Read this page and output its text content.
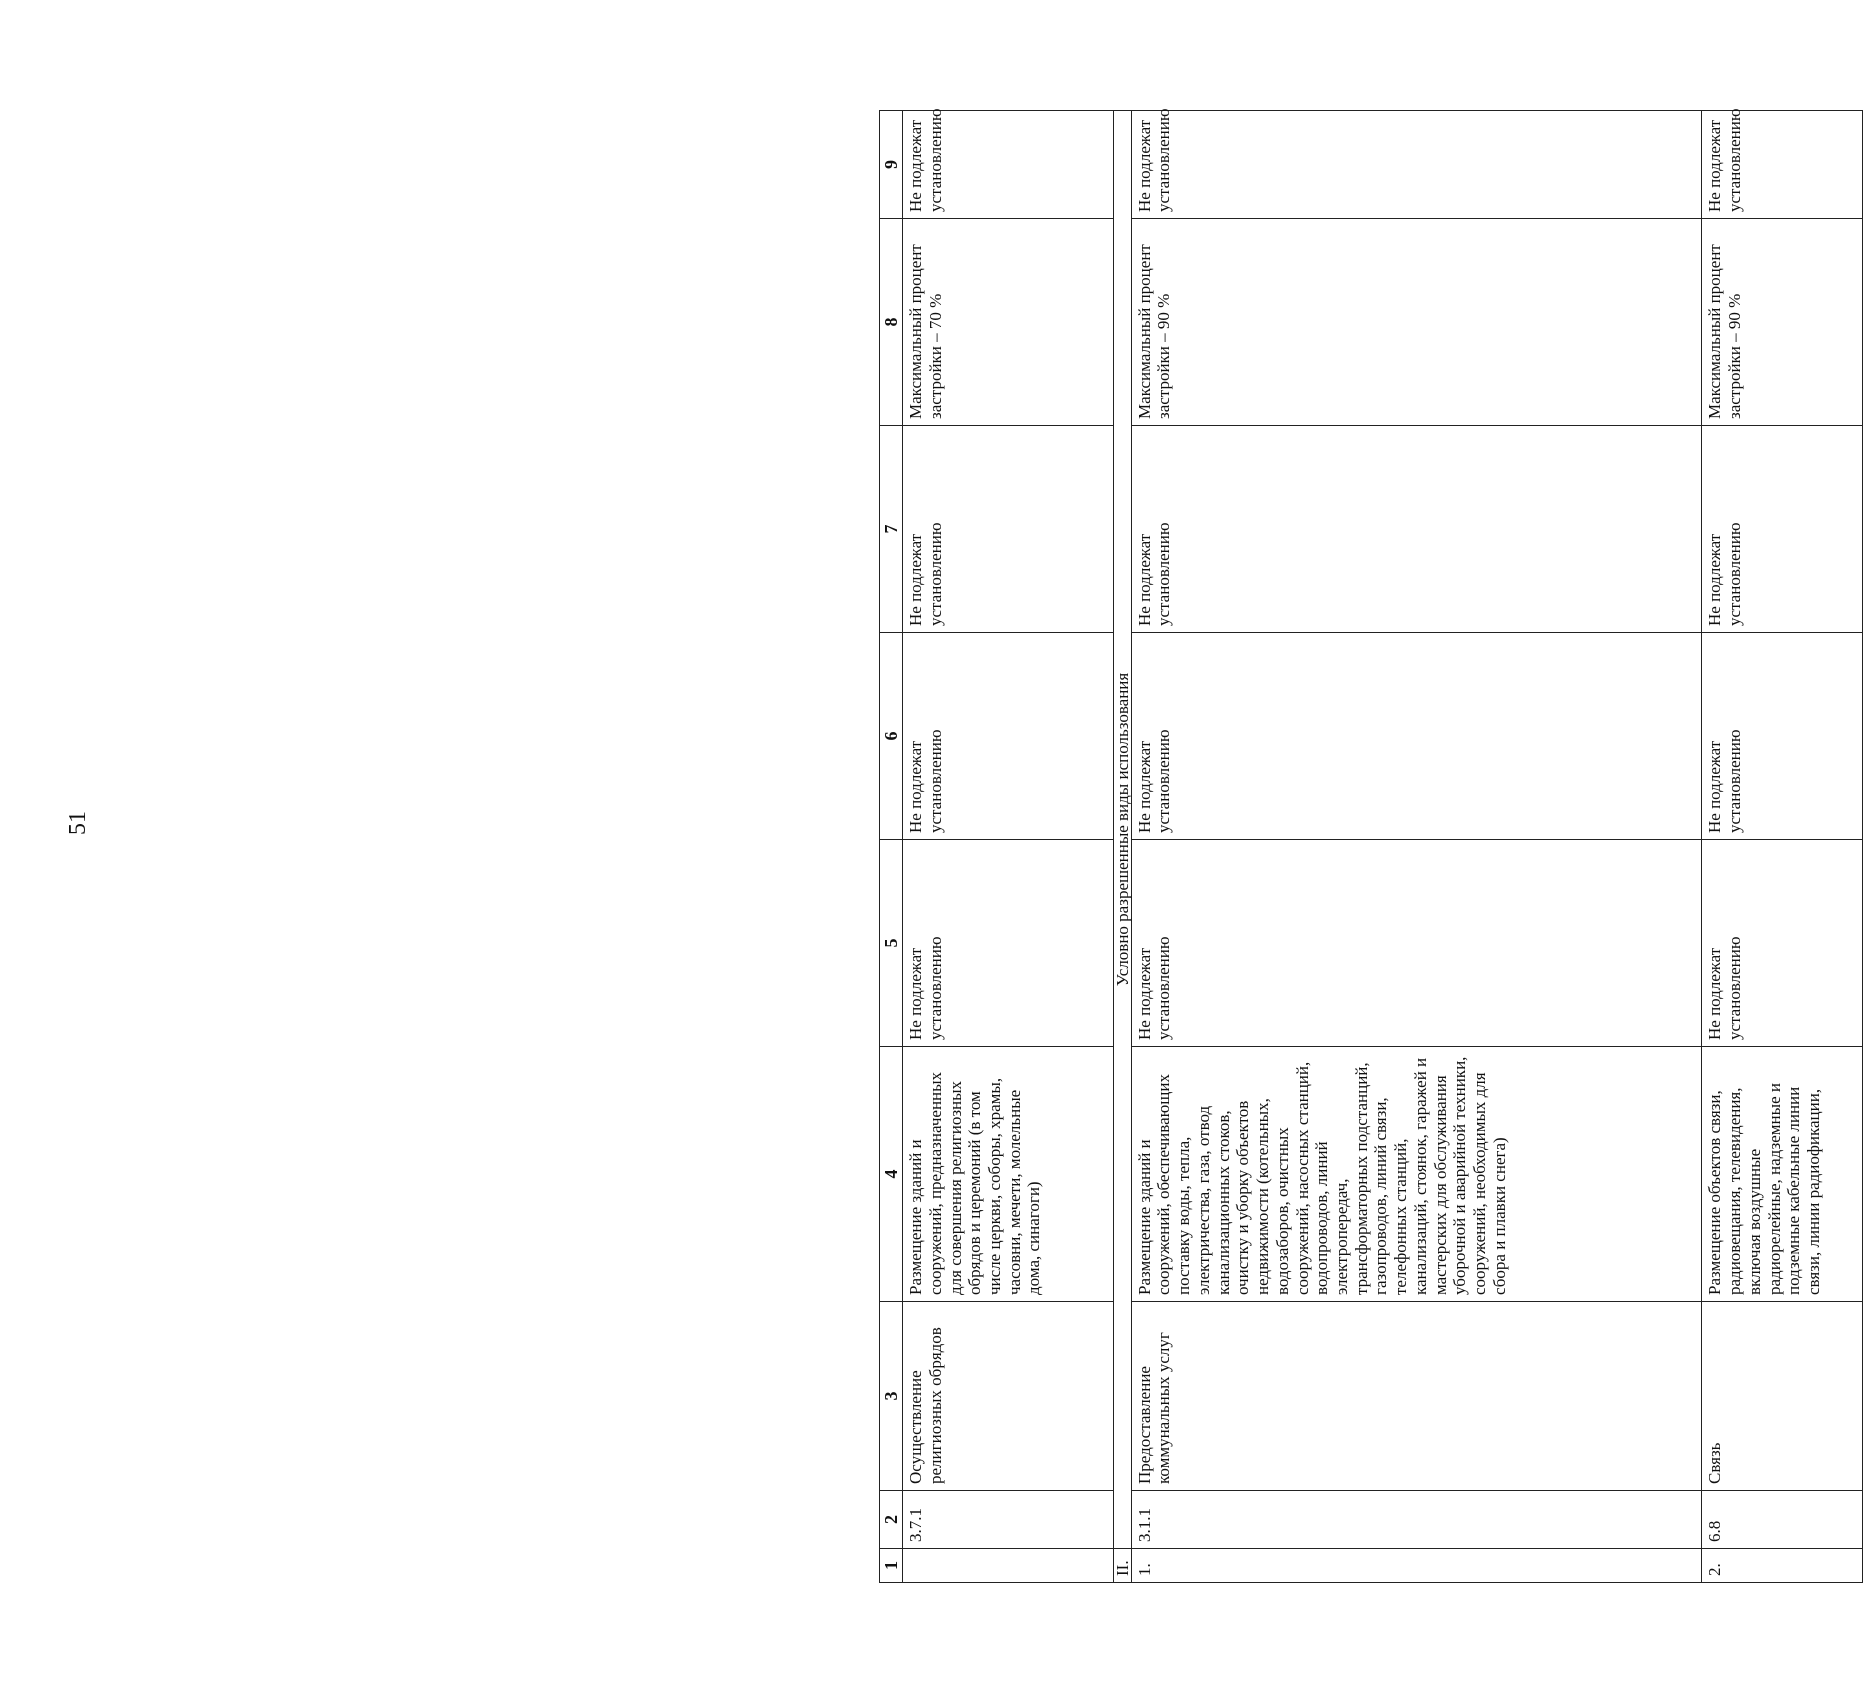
51
1	2	3	4	5	6	7	8	9
	3.7.1	Осуществление религиозных обрядов	Размещение зданий и сооружений, предназначенных для совершения религиозных обрядов и церемоний (в том числе церкви, соборы, храмы, часовни, мечети, молельные дома, синагоги)	Не подлежат установлению	Не подлежат установлению	Не подлежат установлению	Максимальный процент застройки – 70 %	Не подлежат установлению
II.	Условно разрешенные виды использования							
1.	3.1.1	Предоставление коммунальных услуг	Размещение зданий и сооружений, обеспечивающих поставку воды, тепла, электричества, газа, отвод канализационных стоков, очистку и уборку объектов недвижимости (котельных, водозаборов, очистных сооружений, насосных станций, водопроводов, линий электропередач, трансформаторных подстанций, газопроводов, линий связи, телефонных станций, канализаций, стоянок, гаражей и мастерских для обслуживания уборочной и аварийной техники, сооружений, необходимых для сбора и плавки снега)	Не подлежат установлению	Не подлежат установлению	Не подлежат установлению	Максимальный процент застройки – 90 %	Не подлежат установлению
2.	6.8	Связь	Размещение объектов связи, радиовещания, телевидения, включая воздушные радиорелейные, надземные и подземные кабельные линии связи, линии радиофикации,	Не подлежат установлению	Не подлежат установлению	Не подлежат установлению	Максимальный процент застройки – 90 %	Не подлежат установлению
